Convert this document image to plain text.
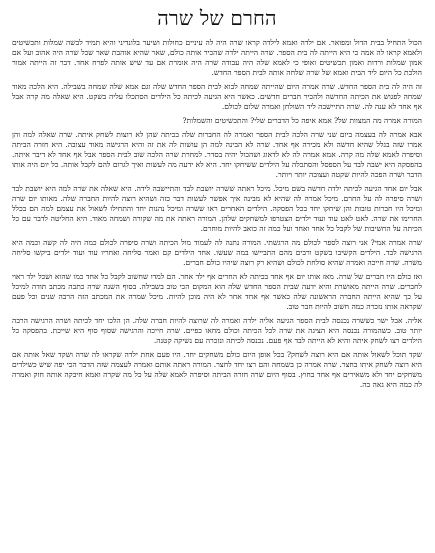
החרם של שרה

הכול התחיל בבית הדול ומפואר. אם ילדה ואמא לילדה קראו שרה היה לה עיניים כחולות ושיער בלונדיני והיא תמיד לבשה שמלות ותכשיטים ולאמא קראו לה אמה כי היא הייתה לה בית הספר. שרה הייתה ילדה שהכיר אותה כולם, שאר שהיא אוהבת שאר שכל שרה היה אהוב ועל אם אמון שמלות ורדות ואמון תכשיטים ואופי כי לאמא שלה היה עבודה שרה היה אומרת אם עד שיש אותה לפרח אחד. דבר זה הייתה אמור הולכת כל היום ליד הבית ואמא של שרה שלחה אותה לבית הספר החדש.

זה היה לה בית הספר החדש. שרה אמרה היום שהייתה שמחה לבוא לבית הספר החדש שלה וגם אמא שלה שמחה בשבילה. היא הלכה מאוד שמחה לפגוש את הכיתה החדשה ולהכיר חברים חדשים. כאשר היא הגיעה לכיתה כל הילדים הסתכלו עליה בשקט. היא שאלה מה קרה אבל אף אחד לא ענה לה. שרה התיישבה ליד השולחן ואמרה שלום לכולם.

המורה אמרה מה המצוות של? אמא איפה כל הדברים שלי? והתכשיטים והשמלות?

אבא אמרה לה בעצמה ביום שני שרה הלכה לבית הספר ואמרה לה החברות שלה בכיתה שהן לא רוצות לשחק איתה. שרה שאלה למה והן אמרו שזה בגלל שהיא חדשה ולא מכירה אף אחד. שרה לא הבינה למה הן עושות לה את זה והיא הרגישה מאוד עצובה. היא חזרה הביתה וסיפרה לאמא שלה מה קרה. אמא אמרה לה לא לדאוג ושהכול יהיה בסדר. למחרת שרה הלכה שוב לבית הספר אבל אף אחד לא דיבר איתה. בהפסקה היא ישבה לבד על הספסל והסתכלה על הילדים ששיחקו יחד. היא לא ידעה מה לעשות ואיך לגרום להם לקבל אותה. כל יום היה אותו הדבר ושרה הפכה להיות שקטה ועצובה יותר ויותר.

אבל יום אחד הגיעה לכיתה ילדה חדשה בשם מיכל. מיכל ראתה ששרה יושבת לבד והתיישבה לידה. היא שאלה את שרה למה היא יושבת לבד ושרה סיפרה לה על החרם. מיכל אמרה לה שהיא לא מבינה איך אפשר לעשות דבר כזה ושהיא רוצה להיות החברה שלה. מאותו יום שרה ומיכל היו חברות טובות והן שיחקו יחד בכל הפסקה. הילדים האחרים ראו ששרה ומיכל נהנות יחד והתחילו לשאול את עצמם למה הם בכלל החרימו את שרה. לאט לאט עוד ועוד ילדים הצטרפו למשחקים שלהן. המורה ראתה את מה שקורה ושמחה מאוד. היא החליטה לדבר עם כל הכיתה על החשיבות של לקבל כל אחד ואחד ועל כמה זה כואב להיות מוחרם.

שרה אמרה אמי? אני רוצה לספר לכולם מה הרגשתי. המורה נתנה לה לעמוד מול הכיתה ושרה סיפרה לכולם כמה היה לה קשה וכמה היא הרגישה לבד. הילדים הקשיבו בשקט ורבים מהם התביישו במה שעשו. אחד הילדים קם ואמר סליחה ואחריו עוד ועוד ילדים ביקשו סליחה משרה. שרה חייכה ואמרה שהיא סולחת לכולם ושהיא רק רוצה שיהיו כולם חברים.

ואז כולם היו חברים של שרה. מאז אותו יום אף אחד בכיתה לא החרים אף ילד אחר. הם למדו שחשוב לקבל כל אחד כמו שהוא ושכל ילד ראוי לחברים. שרה הייתה מאושרת והיא ידעה שבית הספר החדש שלה הוא המקום הכי טוב בשבילה. בסוף השנה שרה כתבה מכתב תודה למיכל על כך שהיא הייתה החברה הראשונה שלה כאשר אף אחד אחר לא היה מוכן להיות. מיכל שמרה את המכתב הזה הרבה שנים וכל פעם שקראה אותו נזכרה כמה חשוב להיות חבר טוב.

אליה. אבל ישר כששרה נכנסה לבית הספר הגיעה אליה ילדה ואמרה לה שרוצה להיות חברה שלה. הן הלכו יחד לכיתה ושרה הרגישה הרבה יותר טוב. כשהמורה נכנסה היא הציגה את שרה לכל הכיתה וכולם מחאו כפיים. שרה חייכה והרגישה שסוף סוף היא שייכת. בהפסקה כל הילדים רצו לשחק איתה והיא לא הייתה לבד אף פעם. נכנסה לכיתה ונזכרה עם נשיקה קטנה.

שקד תוכל לשאול אותה אם היא רוצה לשחק? בכל אופן היום כולם משחקים יחד. היו פעם אחת ילדה שקראו לה שרה ושקד שאל אותה אם היא רוצה לשחק איתו בחצר. שרה אמרה כן בשמחה והם רצו יחד לחצר. המורה ראתה אותם ואמרה לעצמה שזה הדבר הכי יפה שיש כשילדים משחקים יחד ולא משאירים אף אחד בחוץ. בסוף היום שרה חזרה הביתה וסיפרה לאמא שלה על כל מה שקרה ואמא חיבקה אותה חזק ואמרה לה כמה היא גאה בה.
